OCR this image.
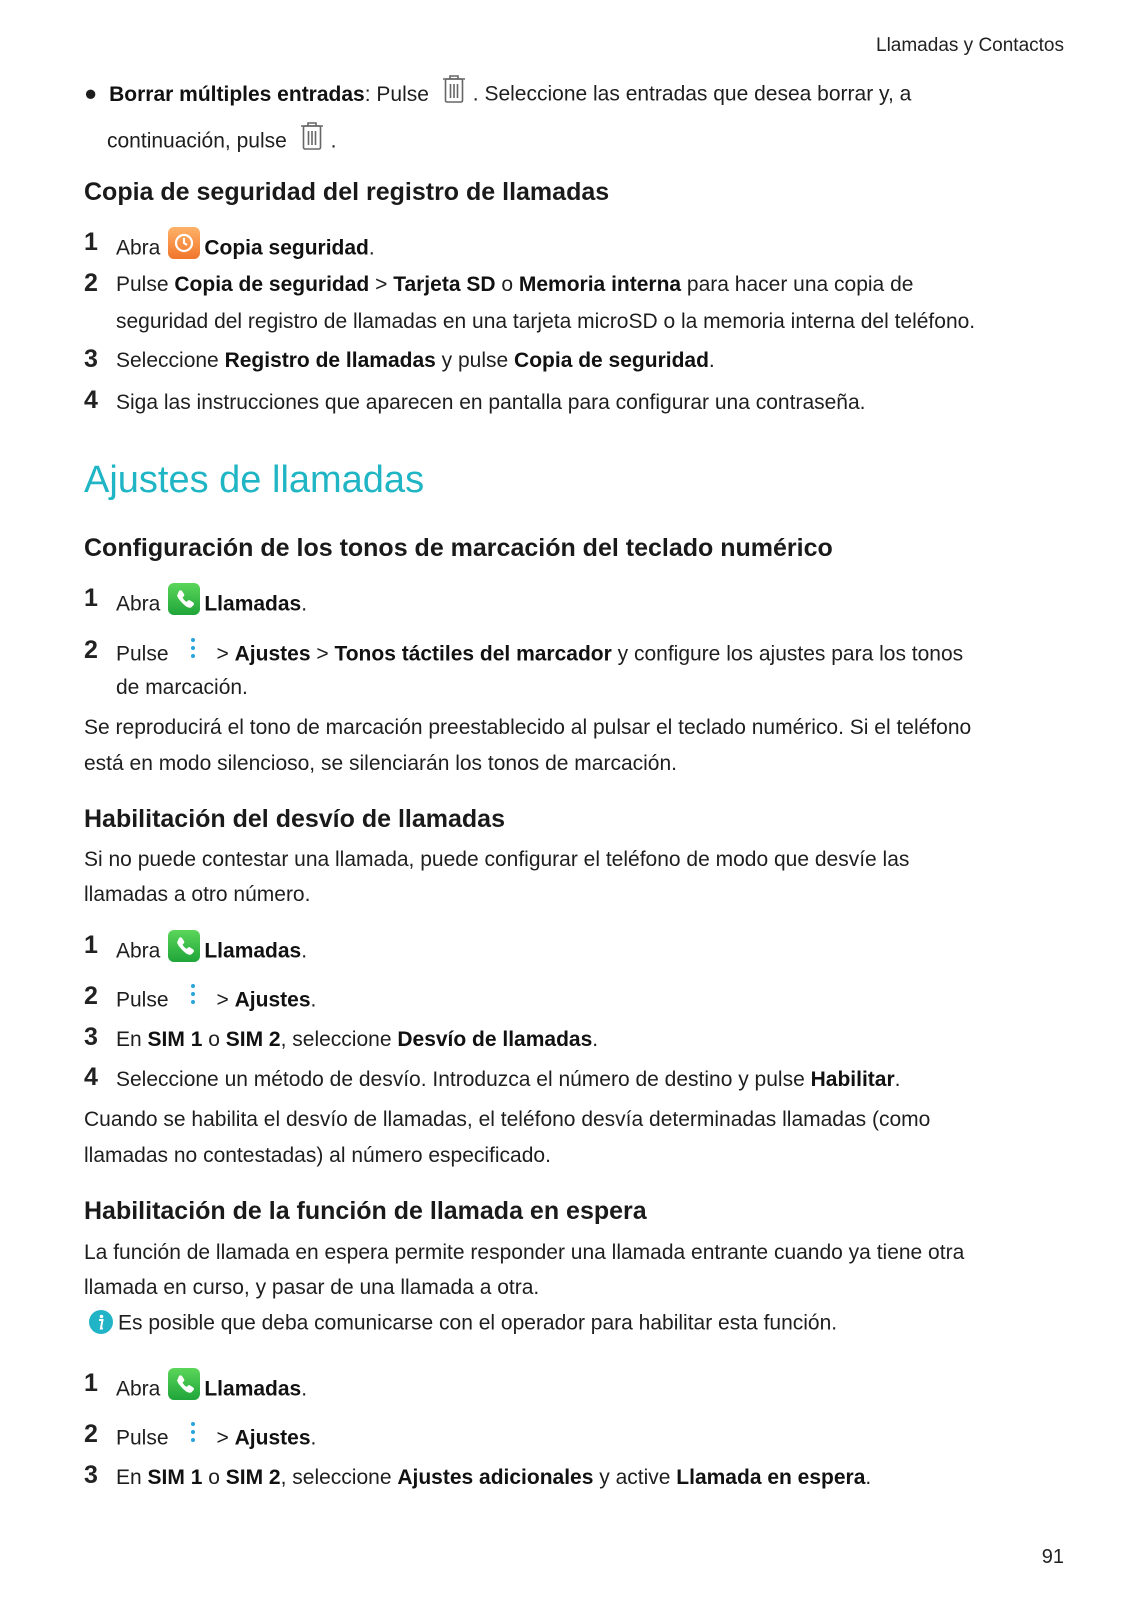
Llamadas y Contactos
● Borrar múltiples entradas: Pulse . Seleccione las entradas que desea borrar y, a
continuación, pulse .
Copia de seguridad del registro de llamadas
1 Abra Copia seguridad.
2 Pulse Copia de seguridad > Tarjeta SD o Memoria interna para hacer una copia de
seguridad del registro de llamadas en una tarjeta microSD o la memoria interna del teléfono.
3 Seleccione Registro de llamadas y pulse Copia de seguridad.
4 Siga las instrucciones que aparecen en pantalla para configurar una contraseña.
Ajustes de llamadas
Configuración de los tonos de marcación del teclado numérico
1 Abra Llamadas.
2 Pulse > Ajustes > Tonos táctiles del marcador y configure los ajustes para los tonos
de marcación.
Se reproducirá el tono de marcación preestablecido al pulsar el teclado numérico. Si el teléfono
está en modo silencioso, se silenciarán los tonos de marcación.
Habilitación del desvío de llamadas
Si no puede contestar una llamada, puede configurar el teléfono de modo que desvíe las
llamadas a otro número.
1 Abra Llamadas.
2 Pulse > Ajustes.
3 En SIM 1 o SIM 2, seleccione Desvío de llamadas.
4 Seleccione un método de desvío. Introduzca el número de destino y pulse Habilitar.
Cuando se habilita el desvío de llamadas, el teléfono desvía determinadas llamadas (como
llamadas no contestadas) al número especificado.
Habilitación de la función de llamada en espera
La función de llamada en espera permite responder una llamada entrante cuando ya tiene otra
llamada en curso, y pasar de una llamada a otra.
Es posible que deba comunicarse con el operador para habilitar esta función.
1 Abra Llamadas.
2 Pulse > Ajustes.
3 En SIM 1 o SIM 2, seleccione Ajustes adicionales y active Llamada en espera.
91
